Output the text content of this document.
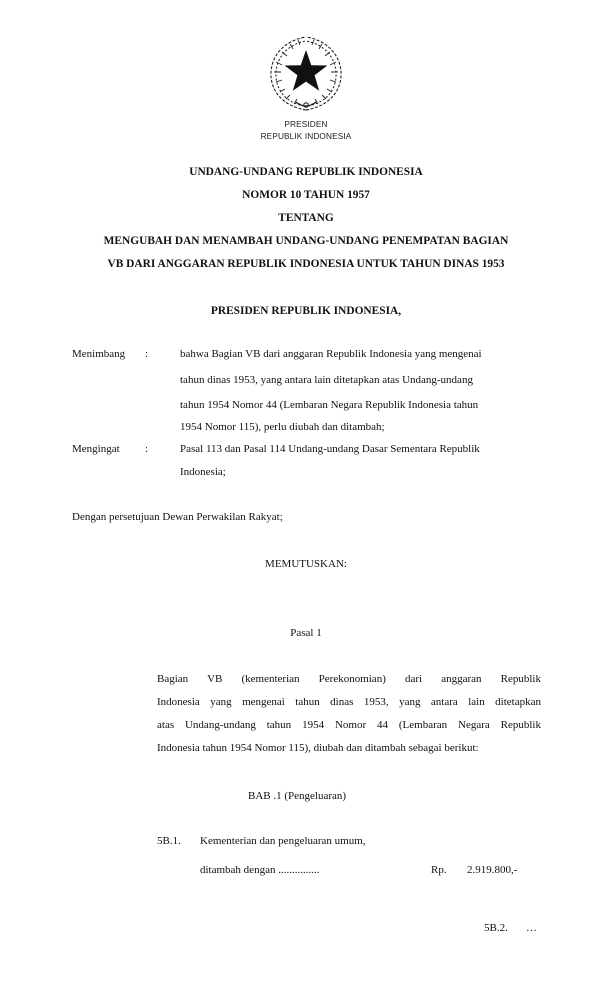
PRESIDEN
REPUBLIK INDONESIA
UNDANG-UNDANG REPUBLIK INDONESIA
NOMOR 10 TAHUN 1957
TENTANG
MENGUBAH DAN MENAMBAH UNDANG-UNDANG PENEMPATAN BAGIAN
VB DARI ANGGARAN REPUBLIK INDONESIA UNTUK TAHUN DINAS 1953
PRESIDEN REPUBLIK INDONESIA,
Menimbang :	bahwa Bagian VB dari anggaran Republik Indonesia yang mengenai
tahun dinas 1953, yang antara lain ditetapkan atas Undang-undang
tahun 1954 Nomor 44 (Lembaran Negara Republik Indonesia tahun
1954 Nomor 115), perlu diubah dan ditambah;
Mengingat :	Pasal 113 dan Pasal 114 Undang-undang Dasar Sementara Republik
Indonesia;
Dengan persetujuan Dewan Perwakilan Rakyat;
MEMUTUSKAN:
Pasal 1
Bagian VB (kementerian Perekonomian) dari anggaran Republik
Indonesia yang mengenai tahun dinas 1953, yang antara lain ditetapkan
atas Undang-undang tahun 1954 Nomor 44 (Lembaran Negara Republik
Indonesia tahun 1954 Nomor 115), diubah dan ditambah sebagai berikut:
BAB .1 (Pengeluaran)
5B.1. Kementerian dan pengeluaran umum,
ditambah dengan ...............	Rp. 2.919.800,-
5B.2. …
